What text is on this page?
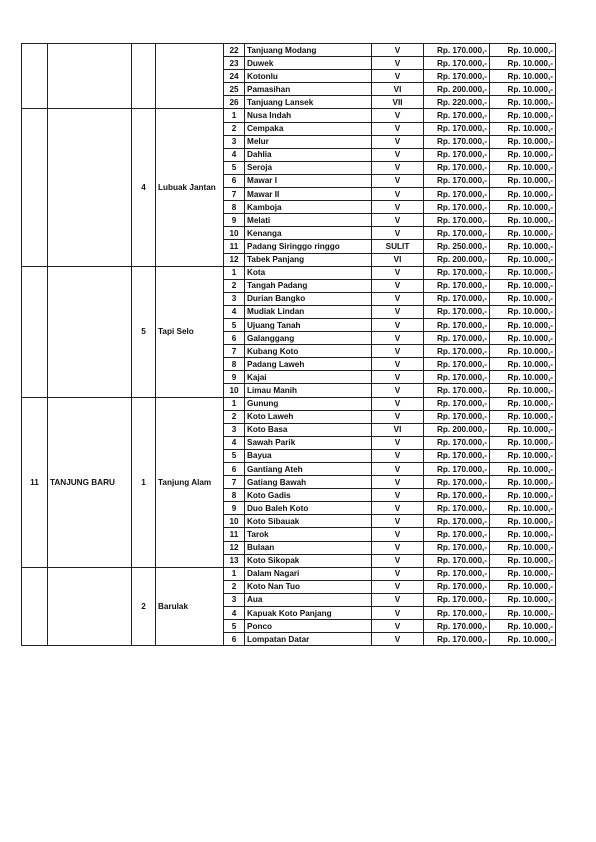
				22	Tanjuang Modang	V	Rp. 170.000,-	Rp. 10.000,-
				23	Duwek	V	Rp. 170.000,-	Rp. 10.000,-
				24	Kotonlu	V	Rp. 170.000,-	Rp. 10.000,-
				25	Pamasihan	VI	Rp. 200.000,-	Rp. 10.000,-
				26	Tanjuang Lansek	VII	Rp. 220.000,-	Rp. 10.000,-
		4	Lubuak Jantan	1	Nusa Indah	V	Rp. 170.000,-	Rp. 10.000,-
				2	Cempaka	V	Rp. 170.000,-	Rp. 10.000,-
				3	Melur	V	Rp. 170.000,-	Rp. 10.000,-
				4	Dahlia	V	Rp. 170.000,-	Rp. 10.000,-
				5	Seroja	V	Rp. 170.000,-	Rp. 10.000,-
				6	Mawar I	V	Rp. 170.000,-	Rp. 10.000,-
				7	Mawar II	V	Rp. 170.000,-	Rp. 10.000,-
				8	Kamboja	V	Rp. 170.000,-	Rp. 10.000,-
				9	Melati	V	Rp. 170.000,-	Rp. 10.000,-
				10	Kenanga	V	Rp. 170.000,-	Rp. 10.000,-
				11	Padang Siringgo ringgo	SULIT	Rp. 250.000,-	Rp. 10.000,-
				12	Tabek Panjang	VI	Rp. 200.000,-	Rp. 10.000,-
		5	Tapi Selo	1	Kota	V	Rp. 170.000,-	Rp. 10.000,-
				2	Tangah Padang	V	Rp. 170.000,-	Rp. 10.000,-
				3	Durian Bangko	V	Rp. 170.000,-	Rp. 10.000,-
				4	Mudiak Lindan	V	Rp. 170.000,-	Rp. 10.000,-
				5	Ujuang Tanah	V	Rp. 170.000,-	Rp. 10.000,-
				6	Galanggang	V	Rp. 170.000,-	Rp. 10.000,-
				7	Kubang Koto	V	Rp. 170.000,-	Rp. 10.000,-
				8	Padang Laweh	V	Rp. 170.000,-	Rp. 10.000,-
				9	Kajai	V	Rp. 170.000,-	Rp. 10.000,-
				10	Limau Manih	V	Rp. 170.000,-	Rp. 10.000,-
11	TANJUNG BARU	1	Tanjung Alam	1	Gunung	V	Rp. 170.000,-	Rp. 10.000,-
				2	Koto Laweh	V	Rp. 170.000,-	Rp. 10.000,-
				3	Koto Basa	VI	Rp. 200.000,-	Rp. 10.000,-
				4	Sawah Parik	V	Rp. 170.000,-	Rp. 10.000,-
				5	Bayua	V	Rp. 170.000,-	Rp. 10.000,-
				6	Gantiang Ateh	V	Rp. 170.000,-	Rp. 10.000,-
				7	Gatiang Bawah	V	Rp. 170.000,-	Rp. 10.000,-
				8	Koto Gadis	V	Rp. 170.000,-	Rp. 10.000,-
				9	Duo Baleh Koto	V	Rp. 170.000,-	Rp. 10.000,-
				10	Koto Sibauak	V	Rp. 170.000,-	Rp. 10.000,-
				11	Tarok	V	Rp. 170.000,-	Rp. 10.000,-
				12	Bulaan	V	Rp. 170.000,-	Rp. 10.000,-
				13	Koto Sikopak	V	Rp. 170.000,-	Rp. 10.000,-
		2	Barulak	1	Dalam Nagari	V	Rp. 170.000,-	Rp. 10.000,-
				2	Koto Nan Tuo	V	Rp. 170.000,-	Rp. 10.000,-
				3	Aua	V	Rp. 170.000,-	Rp. 10.000,-
				4	Kapuak Koto Panjang	V	Rp. 170.000,-	Rp. 10.000,-
				5	Ponco	V	Rp. 170.000,-	Rp. 10.000,-
				6	Lompatan Datar	V	Rp. 170.000,-	Rp. 10.000,-
